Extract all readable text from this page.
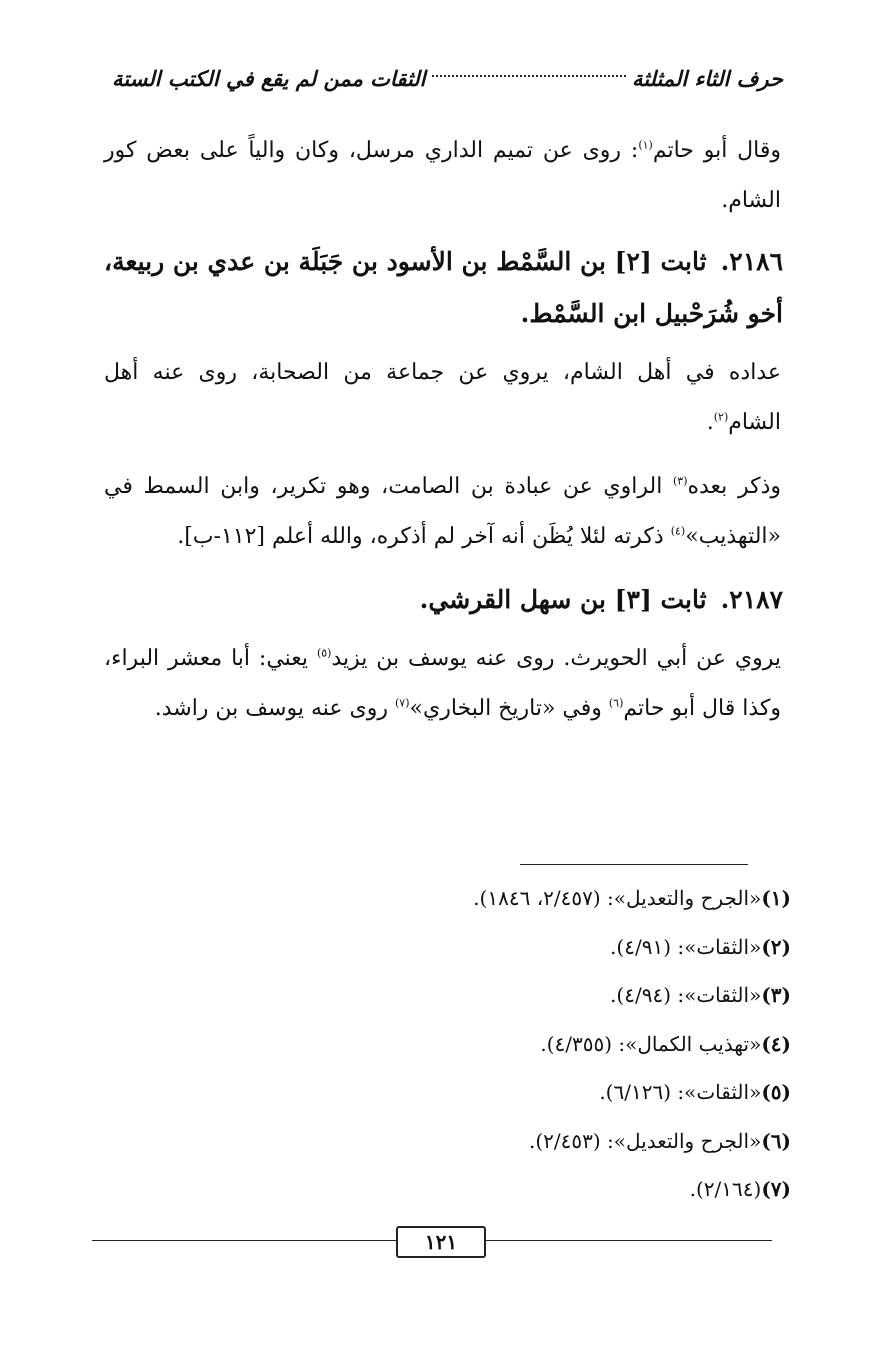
حرف الثاء المثلثة
الثقات ممن لم يقع في الكتب الستة
وقال أبو حاتم$^{(١)}$: روى عن تميم الداري مرسل، وكان والياً على بعض كور الشام.
٢١٨٦.ثابت [٢] بن السَّمْط بن الأسود بن جَبَلَة بن عدي بن ربيعة، أخو شُرَحْبيل ابن السَّمْط.
عداده في أهل الشام، يروي عن جماعة من الصحابة، روى عنه أهل الشام$^{(٢)}$.
وذكر بعده$^{(٣)}$ الراوي عن عبادة بن الصامت، وهو تكرير، وابن السمط في «التهذيب»$^{(٤)}$ ذكرته لئلا يُظَن أنه آخر لم أذكره، والله أعلم [١١٢-ب].
٢١٨٧.ثابت [٣] بن سهل القرشي.
يروي عن أبي الحويرث. روى عنه يوسف بن يزيد$^{(٥)}$ يعني: أبا معشر البراء، وكذا قال أبو حاتم$^{(٦)}$ وفي «تاريخ البخاري»$^{(٧)}$ روى عنه يوسف بن راشد.
(١)«الجرح والتعديل»: (٢/٤٥٧، ١٨٤٦).
(٢)«الثقات»: (٤/٩١).
(٣)«الثقات»: (٤/٩٤).
(٤)«تهذيب الكمال»: (٤/٣٥٥).
(٥)«الثقات»: (٦/١٢٦).
(٦)«الجرح والتعديل»: (٢/٤٥٣).
(٧)(٢/١٦٤).
١٢١
